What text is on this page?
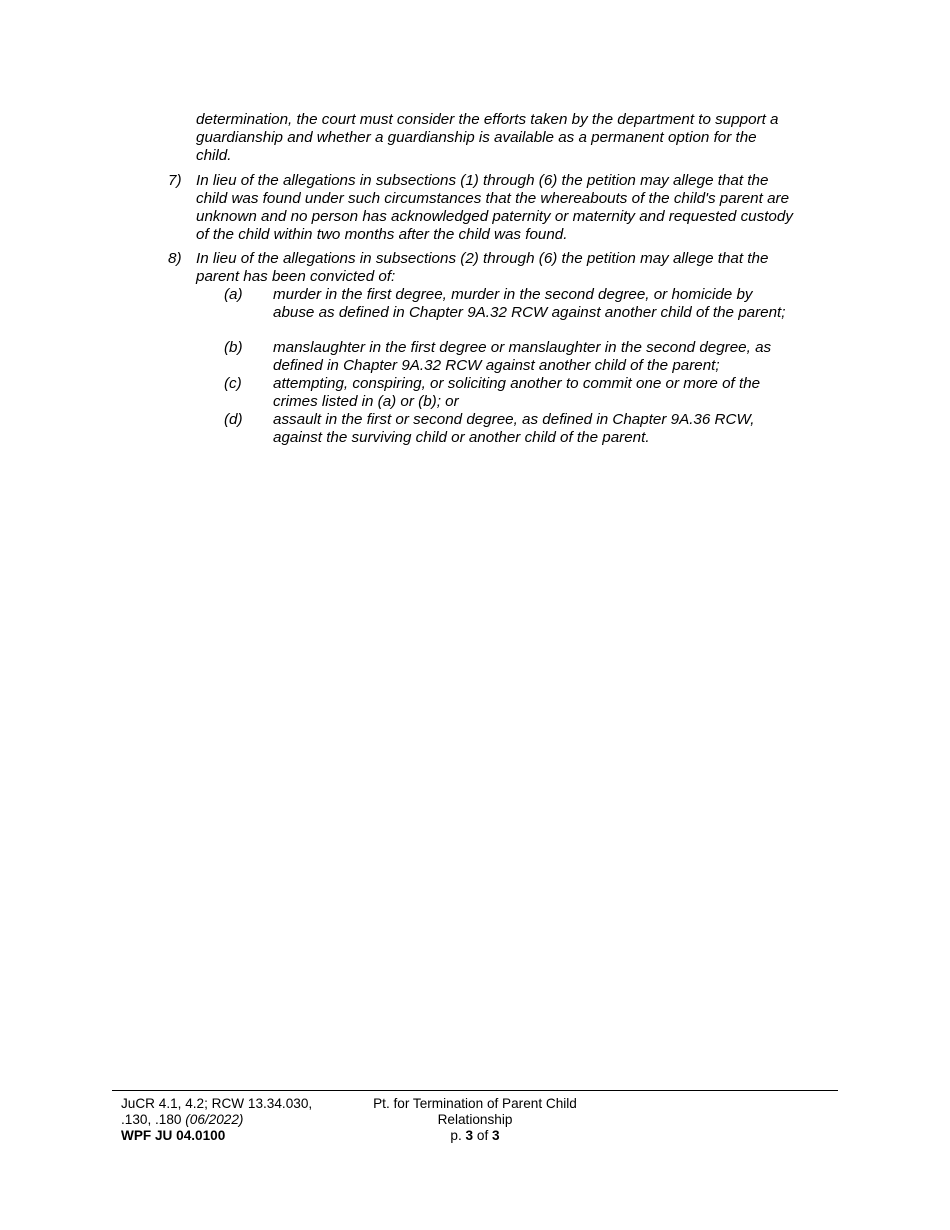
determination, the court must consider the efforts taken by the department to support a guardianship and whether a guardianship is available as a permanent option for the child.
7) In lieu of the allegations in subsections (1) through (6) the petition may allege that the child was found under such circumstances that the whereabouts of the child's parent are unknown and no person has acknowledged paternity or maternity and requested custody of the child within two months after the child was found.
8) In lieu of the allegations in subsections (2) through (6) the petition may allege that the parent has been convicted of:
(a) murder in the first degree, murder in the second degree, or homicide by abuse as defined in Chapter 9A.32 RCW against another child of the parent;
(b) manslaughter in the first degree or manslaughter in the second degree, as defined in Chapter 9A.32 RCW against another child of the parent;
(c) attempting, conspiring, or soliciting another to commit one or more of the crimes listed in (a) or (b); or
(d) assault in the first or second degree, as defined in Chapter 9A.36 RCW, against the surviving child or another child of the parent.
JuCR 4.1, 4.2; RCW 13.34.030,
.130, .180 (06/2022)
WPF JU 04.0100
Pt. for Termination of Parent Child
Relationship
p. 3 of 3
